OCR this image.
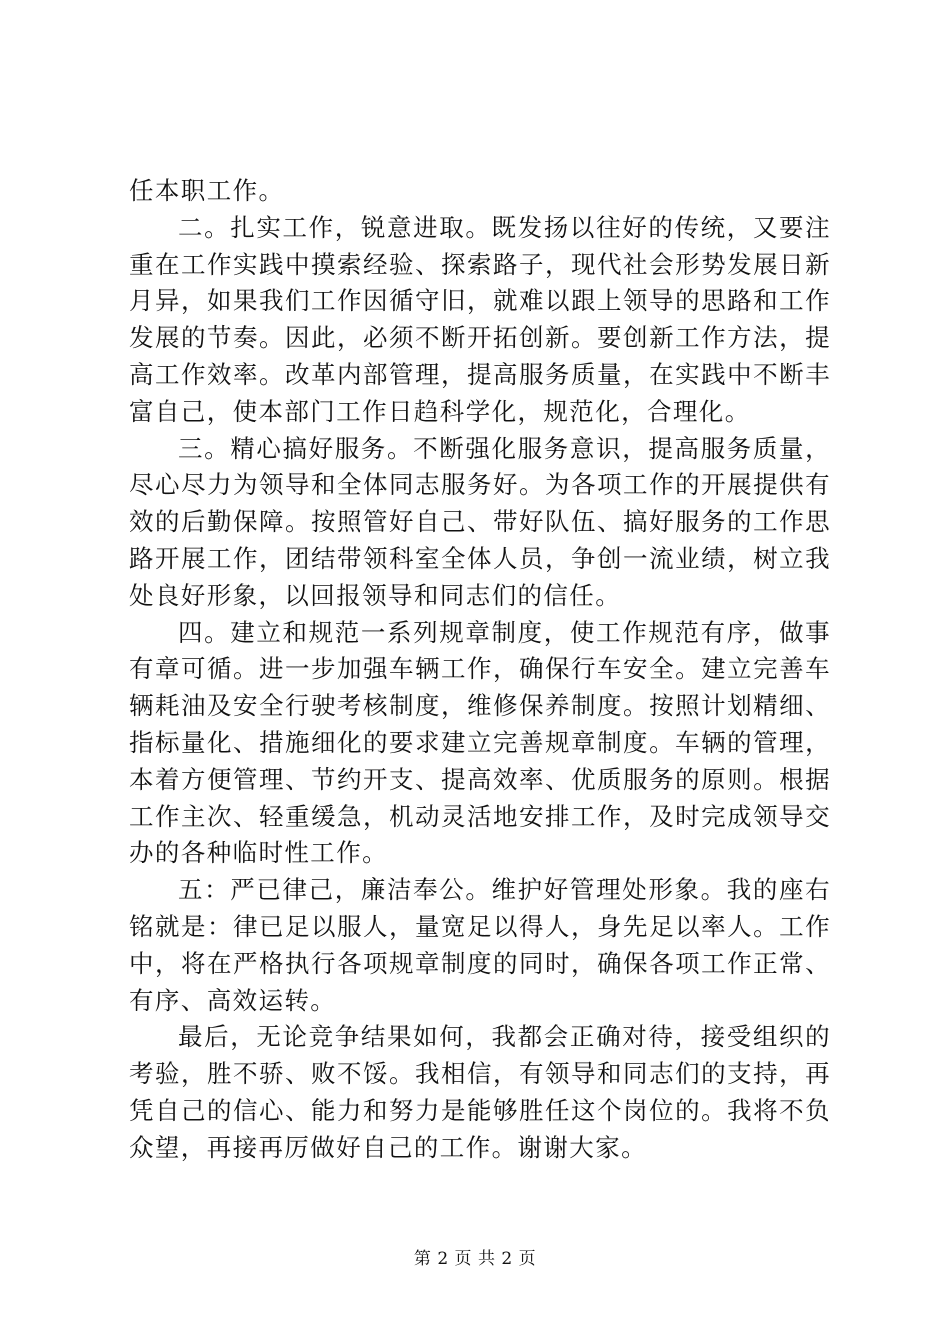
任本职工作。

二。扎实工作，锐意进取。既发扬以往好的传统，又要注重在工作实践中摸索经验、探索路子，现代社会形势发展日新月异，如果我们工作因循守旧，就难以跟上领导的思路和工作发展的节奏。因此，必须不断开拓创新。要创新工作方法，提高工作效率。改革内部管理，提高服务质量，在实践中不断丰富自己，使本部门工作日趋科学化，规范化，合理化。

三。精心搞好服务。不断强化服务意识，提高服务质量，尽心尽力为领导和全体同志服务好。为各项工作的开展提供有效的后勤保障。按照管好自己、带好队伍、搞好服务的工作思路开展工作，团结带领科室全体人员，争创一流业绩，树立我处良好形象，以回报领导和同志们的信任。

四。建立和规范一系列规章制度，使工作规范有序，做事有章可循。进一步加强车辆工作，确保行车安全。建立完善车辆耗油及安全行驶考核制度，维修保养制度。按照计划精细、指标量化、措施细化的要求建立完善规章制度。车辆的管理，本着方便管理、节约开支、提高效率、优质服务的原则。根据工作主次、轻重缓急，机动灵活地安排工作，及时完成领导交办的各种临时性工作。

五：严已律己，廉洁奉公。维护好管理处形象。我的座右铭就是：律已足以服人，量宽足以得人，身先足以率人。工作中，将在严格执行各项规章制度的同时，确保各项工作正常、有序、高效运转。

最后，无论竞争结果如何，我都会正确对待，接受组织的考验，胜不骄、败不馁。我相信，有领导和同志们的支持，再凭自己的信心、能力和努力是能够胜任这个岗位的。我将不负众望，再接再厉做好自己的工作。谢谢大家。

第 2 页 共 2 页
